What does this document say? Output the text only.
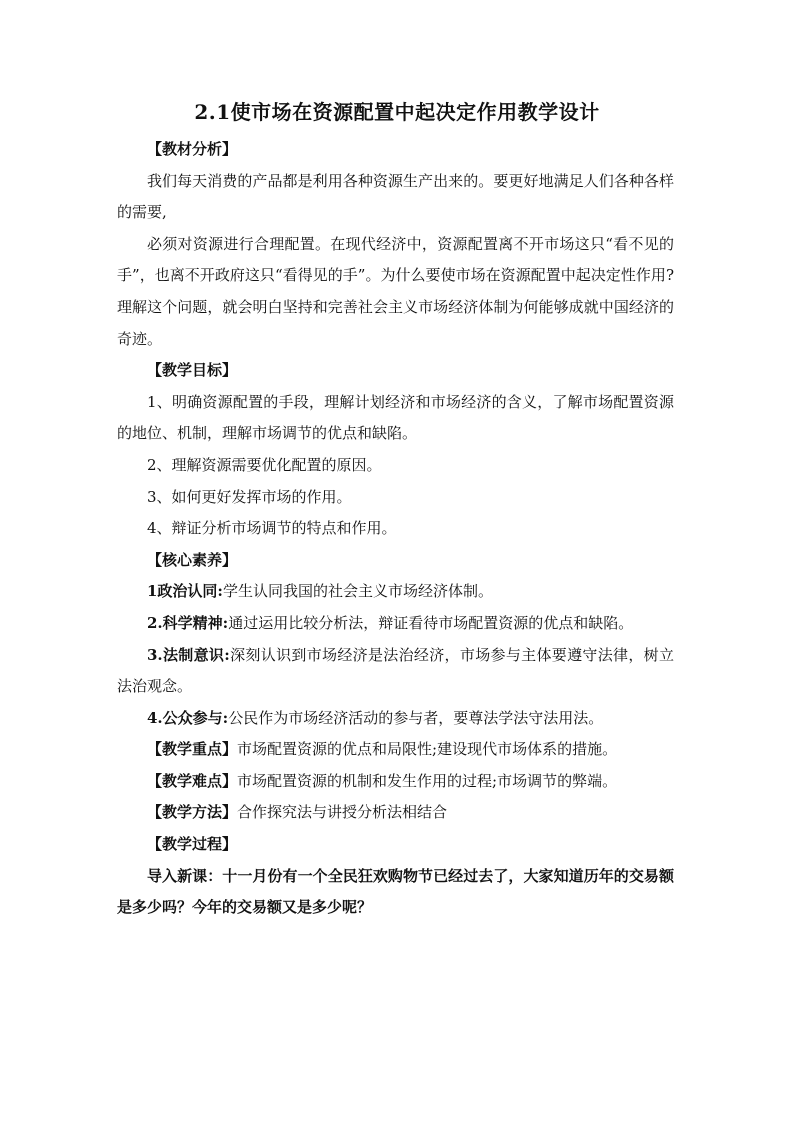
2.1使市场在资源配置中起决定作用教学设计

【教材分析】

我们每天消费的产品都是利用各种资源生产出来的。要更好地满足人们各种各样的需要,

必须对资源进行合理配置。在现代经济中，资源配置离不开市场这只“看不见的手”，也离不开政府这只“看得见的手”。为什么要使市场在资源配置中起决定性作用?理解这个问题，就会明白坚持和完善社会主义市场经济体制为何能够成就中国经济的奇迹。

【教学目标】

1、明确资源配置的手段，理解计划经济和市场经济的含义，了解市场配置资源的地位、机制，理解市场调节的优点和缺陷。

2、理解资源需要优化配置的原因。

3、如何更好发挥市场的作用。

4、辩证分析市场调节的特点和作用。

【核心素养】

1政治认同:学生认同我国的社会主义市场经济体制。

2.科学精神:通过运用比较分析法，辩证看待市场配置资源的优点和缺陷。

3.法制意识:深刻认识到市场经济是法治经济，市场参与主体要遵守法律，树立法治观念。

4.公众参与:公民作为市场经济活动的参与者，要尊法学法守法用法。

【教学重点】市场配置资源的优点和局限性;建设现代市场体系的措施。

【教学难点】市场配置资源的机制和发生作用的过程;市场调节的弊端。

【教学方法】合作探究法与讲授分析法相结合

【教学过程】

导入新课：十一月份有一个全民狂欢购物节已经过去了，大家知道历年的交易额是多少吗？今年的交易额又是多少呢？
